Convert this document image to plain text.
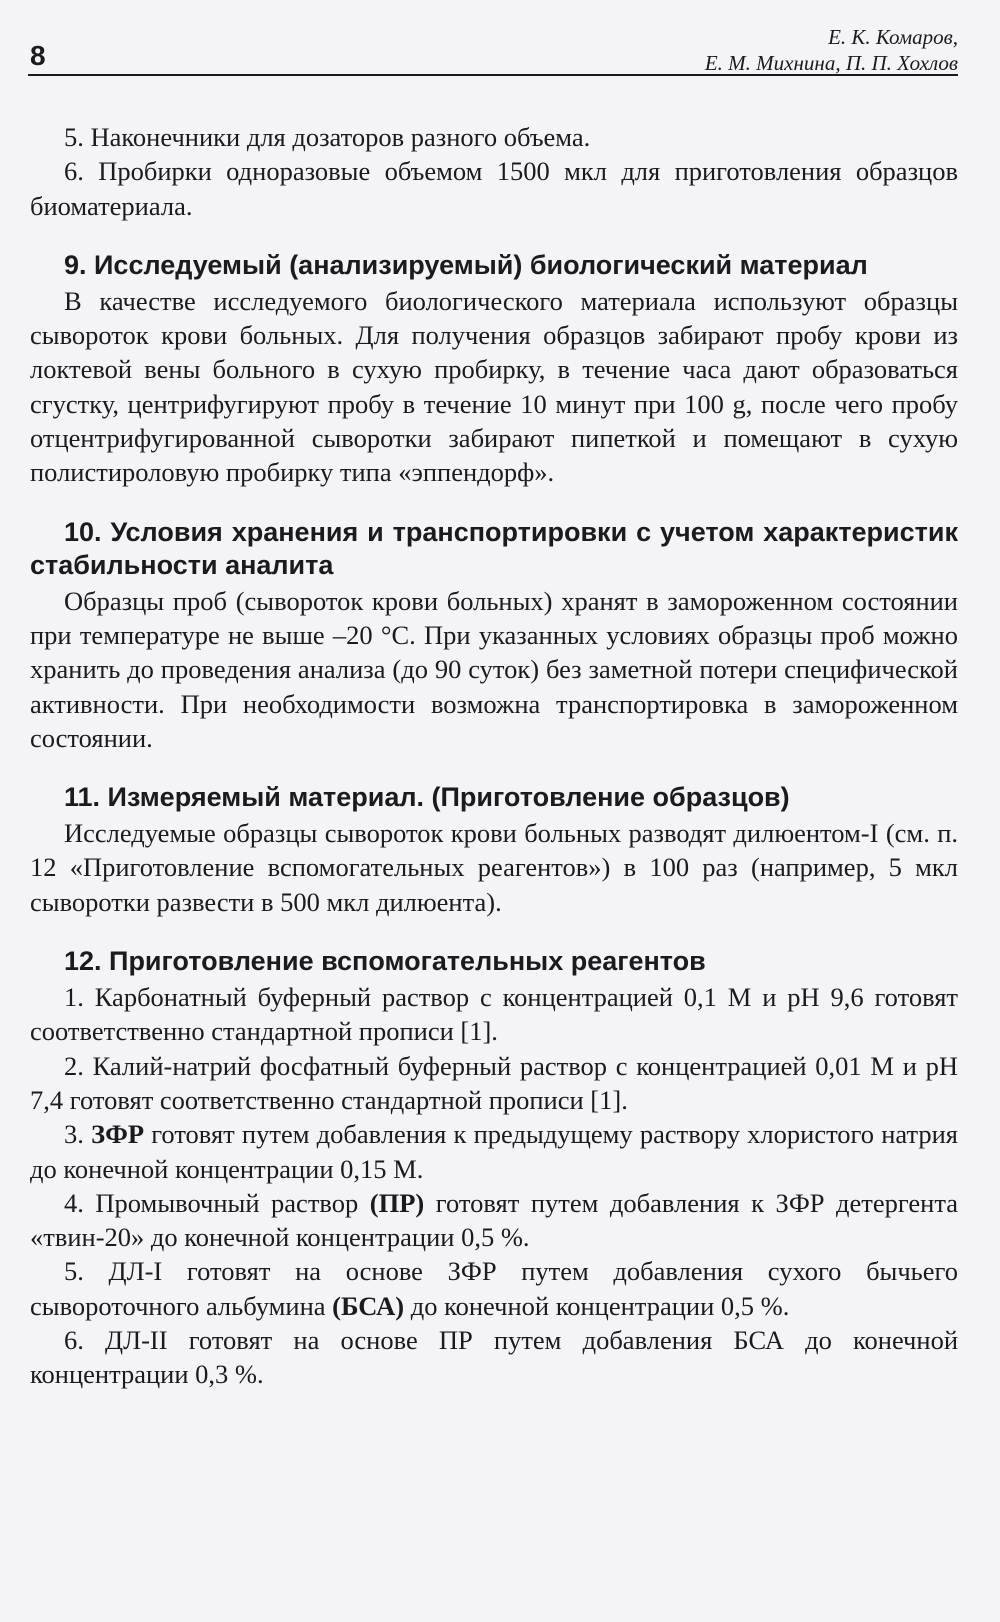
8
Е. К. Комаров,
Е. М. Михнина, П. П. Хохлов

5. Наконечники для дозаторов разного объема.

6. Пробирки одноразовые объемом 1500 мкл для приготовления образцов биоматериала.

9. Исследуемый (анализируемый) биологический материал

В качестве исследуемого биологического материала используют образцы сывороток крови больных. Для получения образцов забирают пробу крови из локтевой вены больного в сухую пробирку, в течение часа дают образоваться сгустку, центрифугируют пробу в течение 10 минут при 100 g, после чего пробу отцентрифугированной сыворотки забирают пипеткой и помещают в сухую полистироловую пробирку типа «эппендорф».

10. Условия хранения и транспортировки с учетом характеристик стабильности аналита

Образцы проб (сывороток крови больных) хранят в замороженном состоянии при температуре не выше –20 °С. При указанных условиях образцы проб можно хранить до проведения анализа (до 90 суток) без заметной потери специфической активности. При необходимости возможна транспортировка в замороженном состоянии.

11. Измеряемый материал. (Приготовление образцов)

Исследуемые образцы сывороток крови больных разводят дилюентом-I (см. п. 12 «Приготовление вспомогательных реагентов») в 100 раз (например, 5 мкл сыворотки развести в 500 мкл дилюента).

12. Приготовление вспомогательных реагентов

1. Карбонатный буферный раствор с концентрацией 0,1 М и рН 9,6 готовят соответственно стандартной прописи [1].

2. Калий-натрий фосфатный буферный раствор с концентрацией 0,01 М и рН 7,4 готовят соответственно стандартной прописи [1].

3. ЗФР готовят путем добавления к предыдущему раствору хлористого натрия до конечной концентрации 0,15 М.

4. Промывочный раствор (ПР) готовят путем добавления к ЗФР детергента «твин-20» до конечной концентрации 0,5 %.

5. ДЛ-I готовят на основе ЗФР путем добавления сухого бычьего сывороточного альбумина (БСА) до конечной концентрации 0,5 %.

6. ДЛ-II готовят на основе ПР путем добавления БСА до конечной концентрации 0,3 %.
